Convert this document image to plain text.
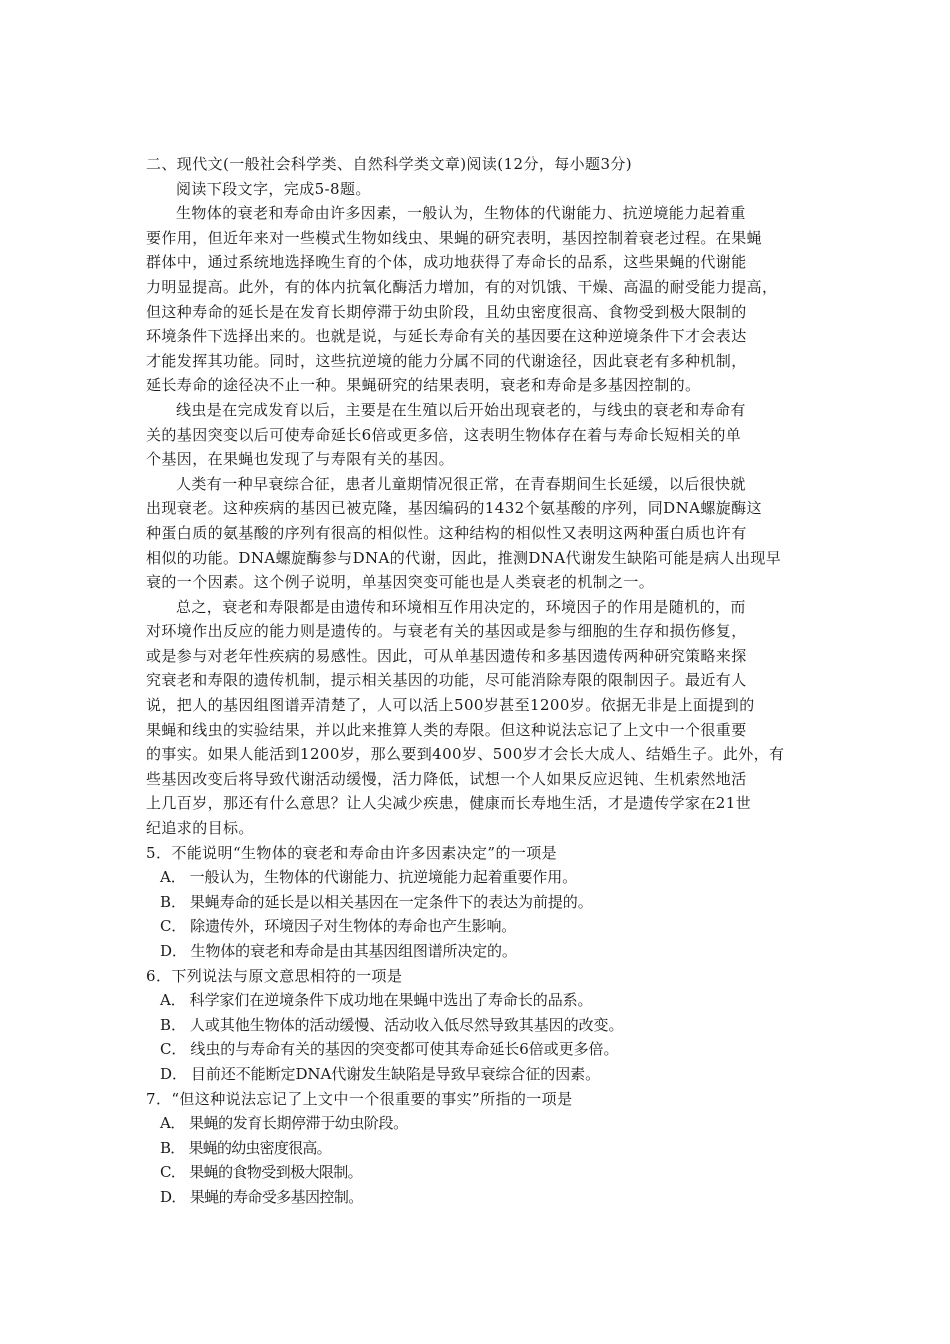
二、现代文(一般社会科学类、自然科学类文章)阅读(12分，每小题3分)

阅读下段文字，完成5-8题。

生物体的衰老和寿命由许多因素，一般认为，生物体的代谢能力、抗逆境能力起着重
要作用，但近年来对一些模式生物如线虫、果蝇的研究表明，基因控制着衰老过程。在果蝇
群体中，通过系统地选择晚生育的个体，成功地获得了寿命长的品系，这些果蝇的代谢能
力明显提高。此外，有的体内抗氧化酶活力增加，有的对饥饿、干燥、高温的耐受能力提高，
但这种寿命的延长是在发育长期停滞于幼虫阶段，且幼虫密度很高、食物受到极大限制的
环境条件下选择出来的。也就是说，与延长寿命有关的基因要在这种逆境条件下才会表达
才能发挥其功能。同时，这些抗逆境的能力分属不同的代谢途径，因此衰老有多种机制，
延长寿命的途径决不止一种。果蝇研究的结果表明，衰老和寿命是多基因控制的。
线虫是在完成发育以后，主要是在生殖以后开始出现衰老的，与线虫的衰老和寿命有
关的基因突变以后可使寿命延长6倍或更多倍，这表明生物体存在着与寿命长短相关的单
个基因，在果蝇也发现了与寿限有关的基因。
人类有一种早衰综合征，患者儿童期情况很正常，在青春期间生长延缓，以后很快就
出现衰老。这种疾病的基因已被克隆，基因编码的1432个氨基酸的序列，同DNA螺旋酶这
种蛋白质的氨基酸的序列有很高的相似性。这种结构的相似性又表明这两种蛋白质也许有
相似的功能。DNA螺旋酶参与DNA的代谢，因此，推测DNA代谢发生缺陷可能是病人出现早
衰的一个因素。这个例子说明，单基因突变可能也是人类衰老的机制之一。
总之，衰老和寿限都是由遗传和环境相互作用决定的，环境因子的作用是随机的，而
对环境作出反应的能力则是遗传的。与衰老有关的基因或是参与细胞的生存和损伤修复，
或是参与对老年性疾病的易感性。因此，可从单基因遗传和多基因遗传两种研究策略来探
究衰老和寿限的遗传机制，提示相关基因的功能，尽可能消除寿限的限制因子。最近有人
说，把人的基因组图谱弄清楚了，人可以活上500岁甚至1200岁。依据无非是上面提到的
果蝇和线虫的实验结果，并以此来推算人类的寿限。但这种说法忘记了上文中一个很重要
的事实。如果人能活到1200岁，那么要到400岁、500岁才会长大成人、结婚生子。此外，有
些基因改变后将导致代谢活动缓慢，活力降低，试想一个人如果反应迟钝、生机索然地活
上几百岁，那还有什么意思？让人尖减少疾患，健康而长寿地生活，才是遗传学家在21世
纪追求的目标。
5．不能说明“生物体的衰老和寿命由许多因素决定”的一项是
A． 一般认为，生物体的代谢能力、抗逆境能力起着重要作用。
B． 果蝇寿命的延长是以相关基因在一定条件下的表达为前提的。
C． 除遗传外，环境因子对生物体的寿命也产生影响。
D． 生物体的衰老和寿命是由其基因组图谱所决定的。
6．下列说法与原文意思相符的一项是
A． 科学家们在逆境条件下成功地在果蝇中选出了寿命长的品系。
B． 人或其他生物体的活动缓慢、活动收入低尽然导致其基因的改变。
C． 线虫的与寿命有关的基因的突变都可使其寿命延长6倍或更多倍。
D． 目前还不能断定DNA代谢发生缺陷是导致早衰综合征的因素。
7．“但这种说法忘记了上文中一个很重要的事实”所指的一项是
A． 果蝇的发育长期停滞于幼虫阶段。
B． 果蝇的幼虫密度很高。
C． 果蝇的食物受到极大限制。
D． 果蝇的寿命受多基因控制。
